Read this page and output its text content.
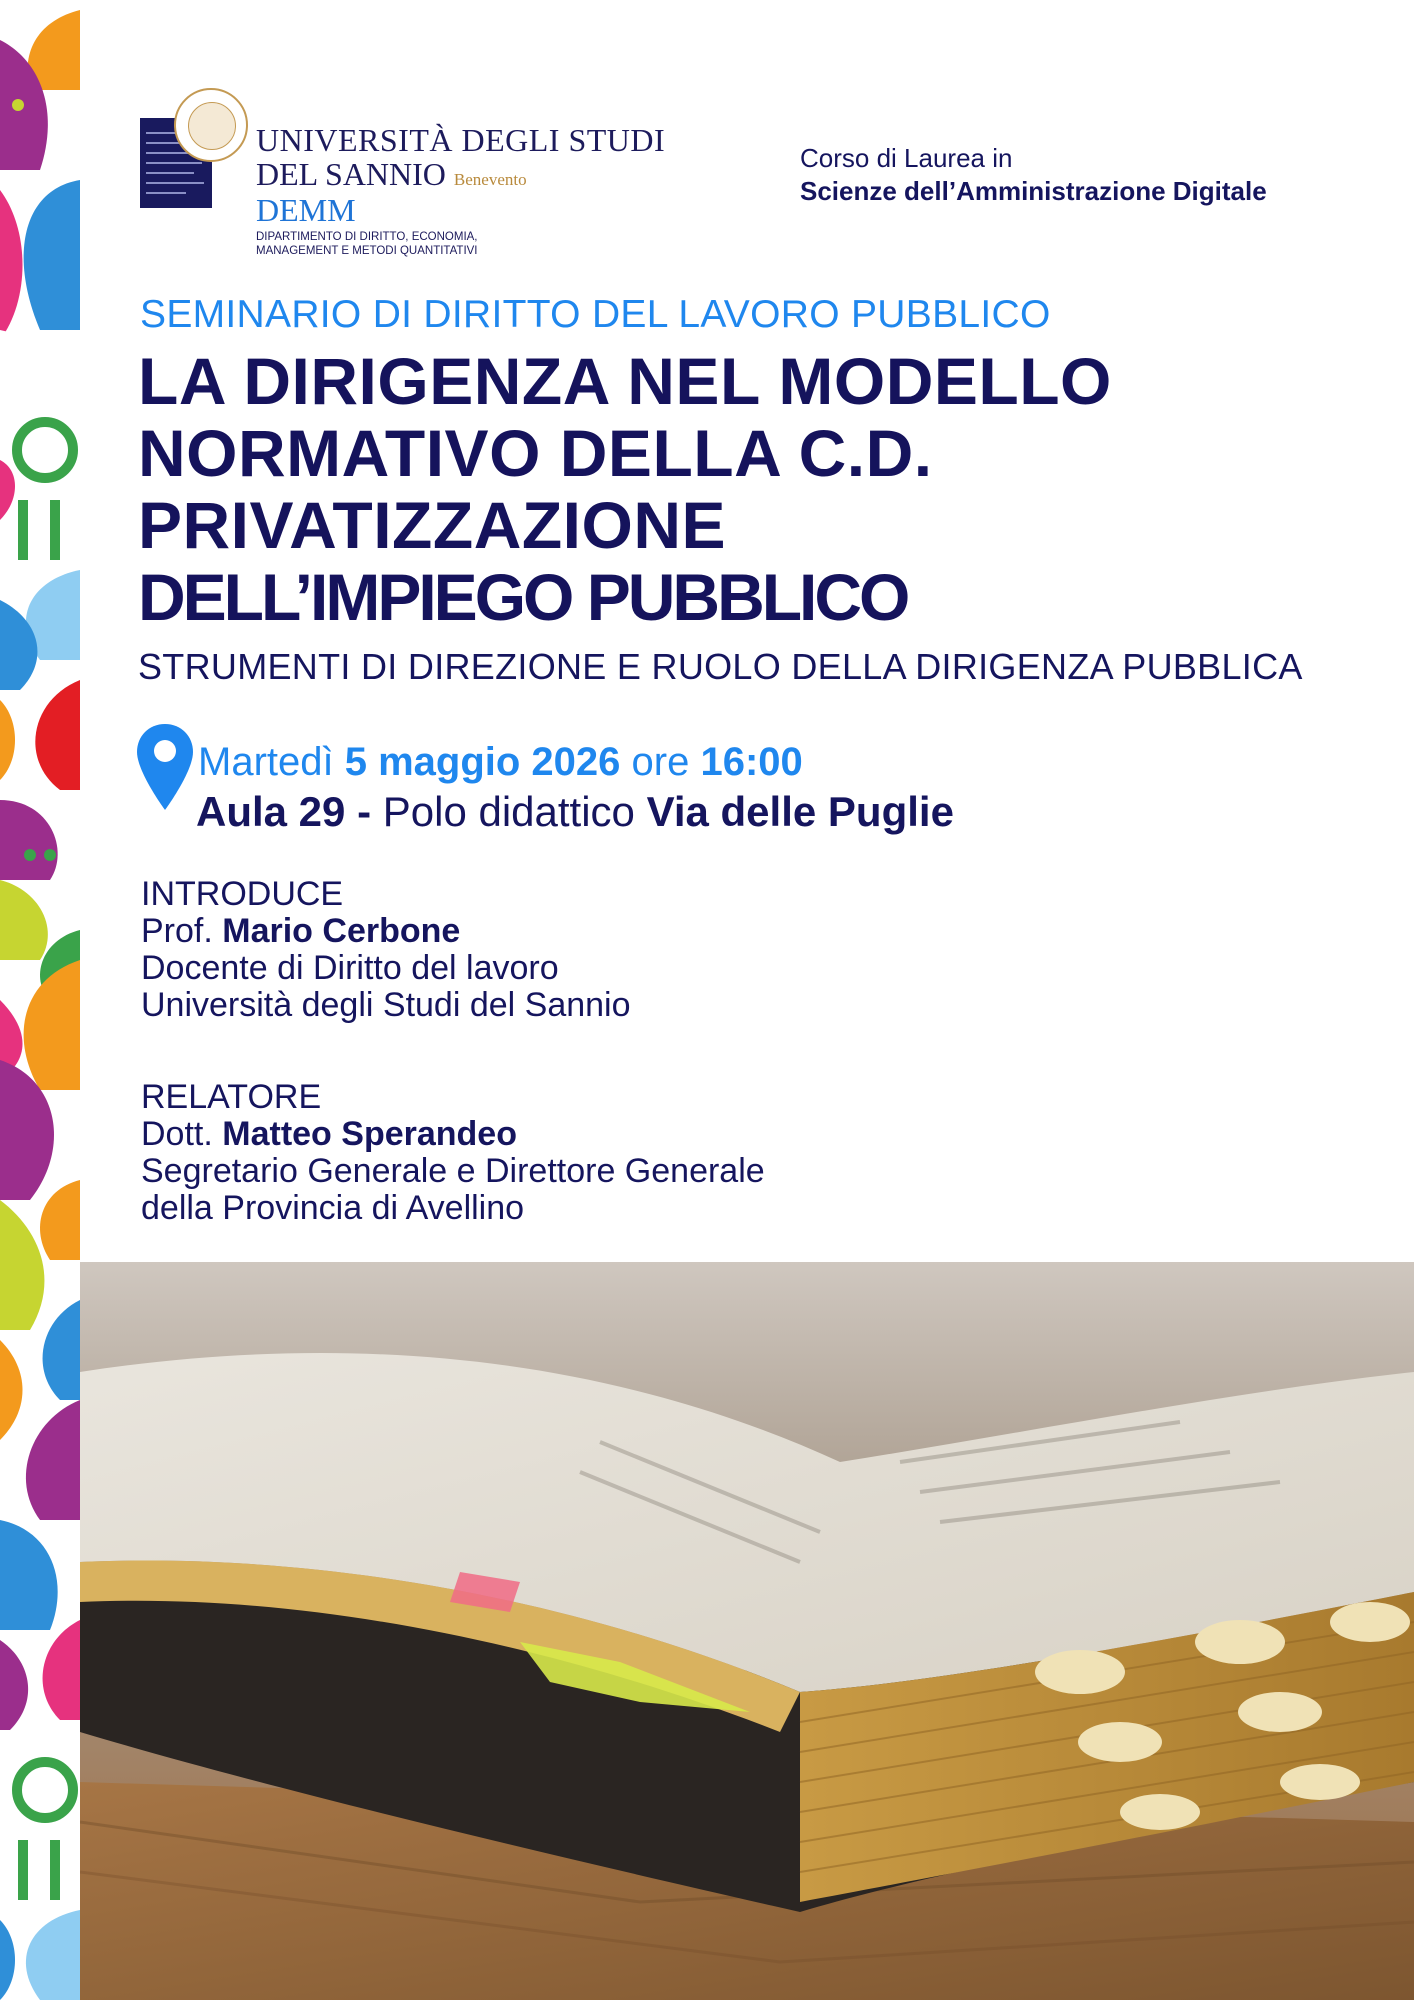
UNIVERSITÀ DEGLI STUDI
DEL SANNIO Benevento
DEMM
DIPARTIMENTO DI DIRITTO, ECONOMIA,
MANAGEMENT E METODI QUANTITATIVI
Corso di Laurea in
Scienze dell’Amministrazione Digitale
SEMINARIO DI DIRITTO DEL LAVORO PUBBLICO
LA DIRIGENZA NEL MODELLO
NORMATIVO DELLA C.D.
PRIVATIZZAZIONE
DELL’IMPIEGO PUBBLICO
STRUMENTI DI DIREZIONE E RUOLO DELLA DIRIGENZA PUBBLICA
Martedì 5 maggio 2026 ore 16:00
Aula 29 - Polo didattico Via delle Puglie
INTRODUCE
Prof. Mario Cerbone
Docente di Diritto del lavoro
Università degli Studi del Sannio
RELATORE
Dott. Matteo Sperandeo
Segretario Generale e Direttore Generale
della Provincia di Avellino
